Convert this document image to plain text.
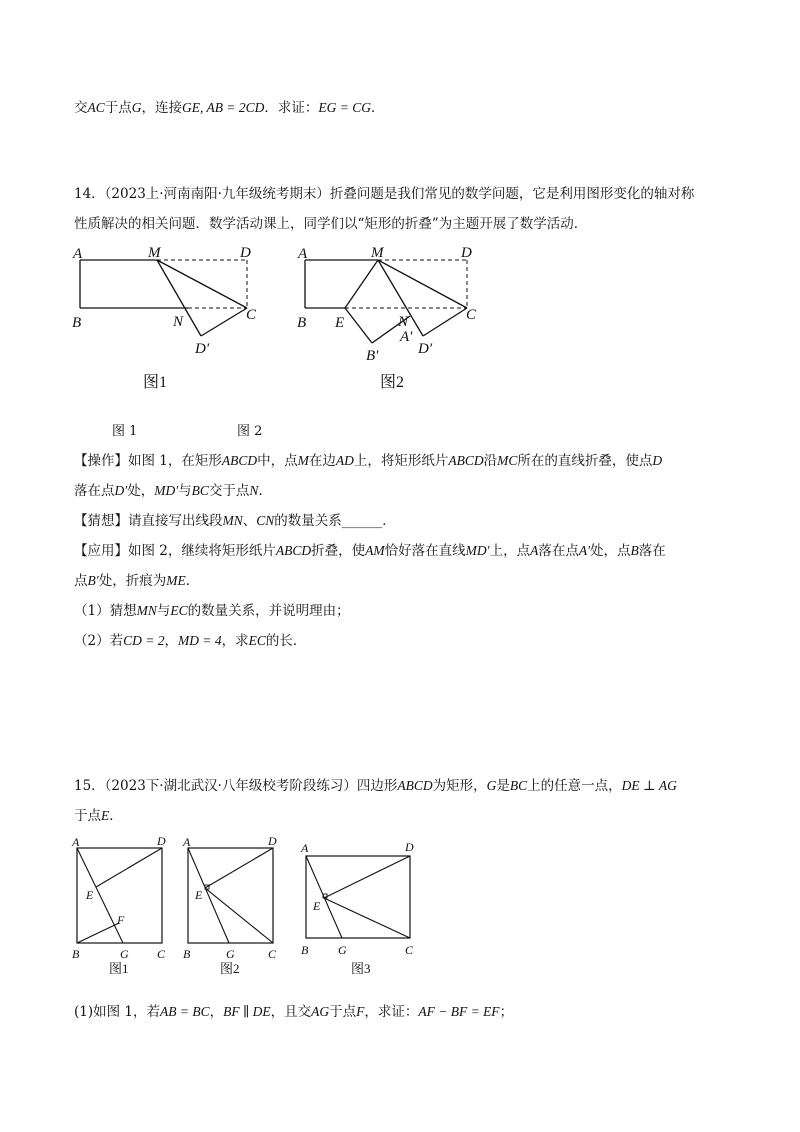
交AC于点G，连接GE, AB = 2CD．求证：EG = CG．
14．（2023上·河南南阳·九年级统考期末）折叠问题是我们常见的数学问题，它是利用图形变化的轴对称
性质解决的相关问题．数学活动课上，同学们以“矩形的折叠”为主题开展了数学活动．
A	M	D
B	N	C
D′
图1
A	M	D
B E	N	C
A′
B′	D′
图2
图 1	图 2
【操作】如图 1，在矩形ABCD中，点M在边AD上，将矩形纸片ABCD沿MC所在的直线折叠，使点D
落在点D′处，MD′与BC交于点N．
【猜想】请直接写出线段MN、CN的数量关系______．
【应用】如图 2，继续将矩形纸片ABCD折叠，使AM恰好落在直线MD′上，点A落在点A′处，点B落在
点B′处，折痕为ME．
（1）猜想MN与EC的数量关系，并说明理由；
（2）若CD = 2，MD = 4，求EC的长．
15．（2023下·湖北武汉·八年级校考阶段练习）四边形ABCD为矩形，G是BC上的任意一点，DE ⊥ AG
于点E．
A	D
E
F
B	G C
图1
A	D
E
B	G	C
图2
A	D
E
B G	C
图3
(1)如图 1，若AB = BC，BF ∥ DE，且交AG于点F，求证：AF − BF = EF；
